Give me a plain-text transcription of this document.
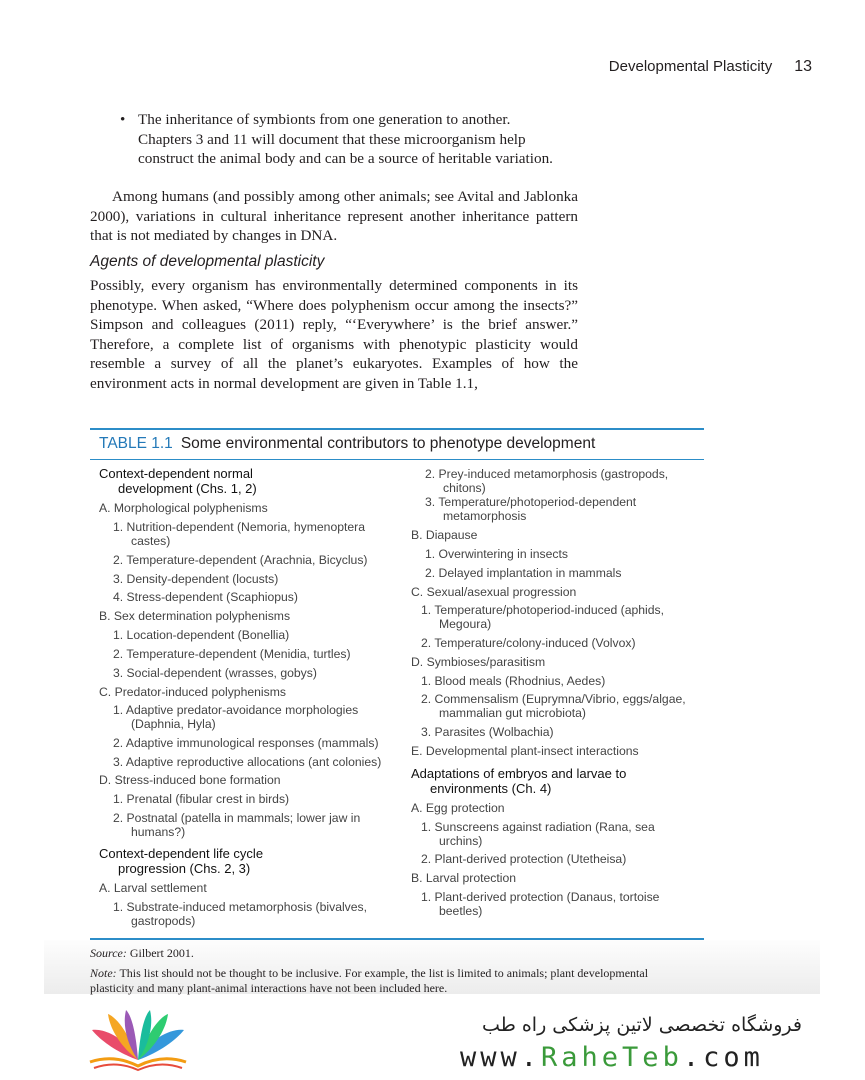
Developmental Plasticity 13
• The inheritance of symbionts from one generation to another. Chapters 3 and 11 will document that these microorganism help construct the animal body and can be a source of heritable variation.
Among humans (and possibly among other animals; see Avital and Jablonka 2000), variations in cultural inheritance represent another inheritance pattern that is not mediated by changes in DNA.
Agents of developmental plasticity
Possibly, every organism has environmentally determined components in its phenotype. When asked, “Where does polyphenism occur among the insects?” Simpson and colleagues (2011) reply, “‘Everywhere’ is the brief answer.” Therefore, a complete list of organisms with phenotypic plasticity would resemble a survey of all the planet’s eukaryotes. Examples of how the environment acts in normal development are given in Table 1.1,
TABLE 1.1 Some environmental contributors to phenotype development
Context-dependent normal
development (Chs. 1, 2)
A. Morphological polyphenisms
1. Nutrition-dependent (Nemoria, hymenoptera
castes)
2. Temperature-dependent (Arachnia, Bicyclus)
3. Density-dependent (locusts)
4. Stress-dependent (Scaphiopus)
B. Sex determination polyphenisms
1. Location-dependent (Bonellia)
2. Temperature-dependent (Menidia, turtles)
3. Social-dependent (wrasses, gobys)
C. Predator-induced polyphenisms
1. Adaptive predator-avoidance morphologies
(Daphnia, Hyla)
2. Adaptive immunological responses (mammals)
3. Adaptive reproductive allocations (ant colonies)
D. Stress-induced bone formation
1. Prenatal (fibular crest in birds)
2. Postnatal (patella in mammals; lower jaw in
humans?)
Context-dependent life cycle
progression (Chs. 2, 3)
A. Larval settlement
1. Substrate-induced metamorphosis (bivalves,
gastropods)
2. Prey-induced metamorphosis (gastropods,
chitons)
3. Temperature/photoperiod-dependent
metamorphosis
B. Diapause
1. Overwintering in insects
2. Delayed implantation in mammals
C. Sexual/asexual progression
1. Temperature/photoperiod-induced (aphids,
Megoura)
2. Temperature/colony-induced (Volvox)
D. Symbioses/parasitism
1. Blood meals (Rhodnius, Aedes)
2. Commensalism (Euprymna/Vibrio, eggs/algae,
mammalian gut microbiota)
3. Parasites (Wolbachia)
E. Developmental plant-insect interactions
Adaptations of embryos and larvae to
environments (Ch. 4)
A. Egg protection
1. Sunscreens against radiation (Rana, sea
urchins)
2. Plant-derived protection (Utetheisa)
B. Larval protection
1. Plant-derived protection (Danaus, tortoise
beetles)
Source: Gilbert 2001.
Note: This list should not be thought to be inclusive. For example, the list is limited to animals; plant developmental plasticity and many plant-animal interactions have not been included here.
فروشگاه تخصصی لاتین پزشکی راه طب
www.RaheTeb.com
